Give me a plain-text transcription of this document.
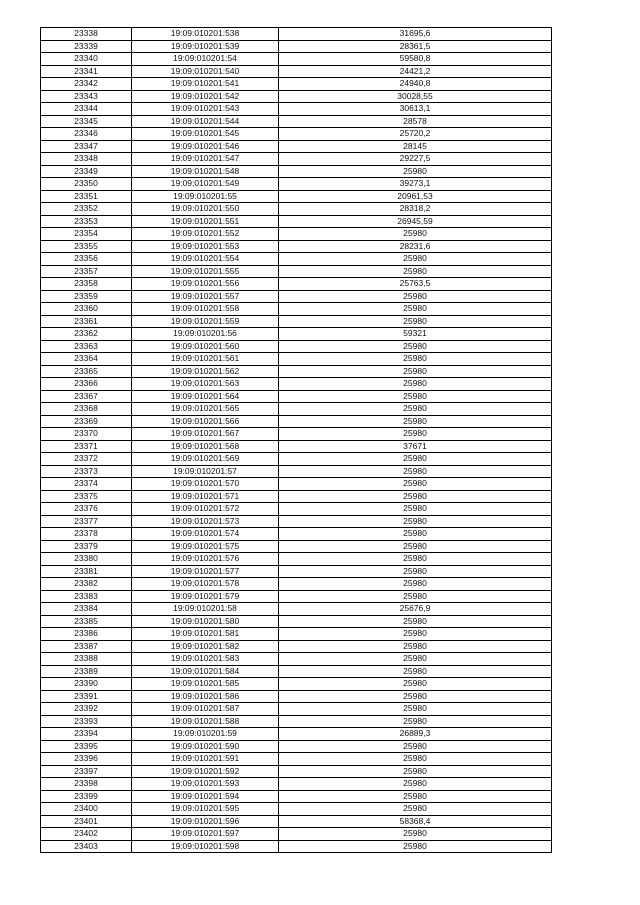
23338	19:09:010201:538	31695,6
23339	19:09:010201:539	28361,5
23340	19:09:010201:54	59580,8
23341	19:09:010201:540	24421,2
23342	19:09:010201:541	24940,8
23343	19:09:010201:542	30028,55
23344	19:09:010201:543	30613,1
23345	19:09:010201:544	28578
23346	19:09:010201:545	25720,2
23347	19:09:010201:546	28145
23348	19:09:010201:547	29227,5
23349	19:09:010201:548	25980
23350	19:09:010201:549	39273,1
23351	19:09:010201:55	20961,53
23352	19:09:010201:550	28318,2
23353	19:09:010201:551	26945,59
23354	19:09:010201:552	25980
23355	19:09:010201:553	28231,6
23356	19:09:010201:554	25980
23357	19:09:010201:555	25980
23358	19:09:010201:556	25763,5
23359	19:09:010201:557	25980
23360	19:09:010201:558	25980
23361	19:09:010201:559	25980
23362	19:09:010201:56	59321
23363	19:09:010201:560	25980
23364	19:09:010201:561	25980
23365	19:09:010201:562	25980
23366	19:09:010201:563	25980
23367	19:09:010201:564	25980
23368	19:09:010201:565	25980
23369	19:09:010201:566	25980
23370	19:09:010201:567	25980
23371	19:09:010201:568	37671
23372	19:09:010201:569	25980
23373	19:09:010201:57	25980
23374	19:09:010201:570	25980
23375	19:09:010201:571	25980
23376	19:09:010201:572	25980
23377	19:09:010201:573	25980
23378	19:09:010201:574	25980
23379	19:09:010201:575	25980
23380	19:09:010201:576	25980
23381	19:09:010201:577	25980
23382	19:09:010201:578	25980
23383	19:09:010201:579	25980
23384	19:09:010201:58	25676,9
23385	19:09:010201:580	25980
23386	19:09:010201:581	25980
23387	19:09:010201:582	25980
23388	19:09:010201:583	25980
23389	19:09:010201:584	25980
23390	19:09:010201:585	25980
23391	19:09:010201:586	25980
23392	19:09:010201:587	25980
23393	19:09:010201:588	25980
23394	19:09:010201:59	26889,3
23395	19:09:010201:590	25980
23396	19:09:010201:591	25980
23397	19:09:010201:592	25980
23398	19:09:010201:593	25980
23399	19:09:010201:594	25980
23400	19:09:010201:595	25980
23401	19:09:010201:596	58368,4
23402	19:09:010201:597	25980
23403	19:09:010201:598	25980
